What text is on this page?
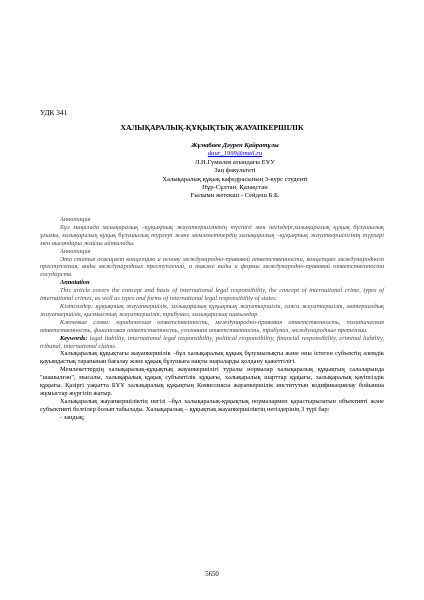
УДК 341
ХАЛЫҚАРАЛЫҚ-ҚҰҚЫҚТЫҚ ЖАУАПКЕРШІЛІК
Жұмабаев Дәурен Қайратұлы
daur_1999@mail.ru
Л.Н.Гумилев атындағы ЕҰУ
Заң факультеті
Халықаралық құқық кафедрасының 3-курс студенті
Нұр-Сұлтан, Қазақстан
Ғылыми жетекші - Сейдеш Б.Б.

Аннотация

Бұл мақалада халықаралық –құқықтық жауапкершіліктің түсінігі мен негіздері,халықаралық құқық бұзушылық ұғымы, халықаралық құқық бұзушылық түрлері және мемлекеттердің халықаралық –құқықтық жауапкершілігінің түрлері мен нысандары жайлы айтылады.

Аннотация

Эта статья освещает концепцию и основу международно-правовой ответственности, концепцию международного преступления, виды международных преступлений, а также виды и формы международно-правовой ответственности государств.

Annotation

This article covers the concept and basis of international legal responsibility, the concept of international crime, types of international crimes, as well as types and forms of international legal responsibility of states.

Кілтсөздер: құқықтық жауапкершілік, халықаралық құқықтық жауапкершілік, саяси жауапкершілік, материалдық жауапкершілік, қылмыстық жауапкершілік, трибунал, халықаралық шағымдар.

Ключевые слова: юридическая ответственность, международно-правовая ответственность, политическая ответственность, финансовая ответственность, уголовная ответственность, трибунал, международные претензии.

Keywords: legal liability, international legal responsibility, political responsibility, financial responsibility, criminal liability, tribunal, international claims.

Халықаралық құқықтағы жауапкершілік –бұл халықаралық құқық бұзушылықты және оны істеген субъектің әлемдік қауымдастық тарапынан бағалау және құқық бұзушыға нақты шараларды қолдану қажеттілігі.

Мемлекеттердің халықаралық-құқықтық жауапкершілігі туралы нормалар халықаралық құқықтың салаларында "шашылған", мысалы, халықаралық құқық субъектілік құқығы, халықаралық шарттар құқығы, халықаралық қауіпсіздік құқығы. Қазіргі уақытта БҰҰ халықаралық құқықтың Комиссиясы жауапкершілік институтын кодификациялау бойынша жұмыстар жүргізіп жатыр.

Халықаралық жауапкершіліктің негізі –бұл халықаралық-құқықтық нормалармен қарастырылатын объективті және субъективті белгілер болып табылады. Халықаралық – құқықтық жауапкершіліктің негіздерінің 3 түрі бар:

- заңдық;

5650
